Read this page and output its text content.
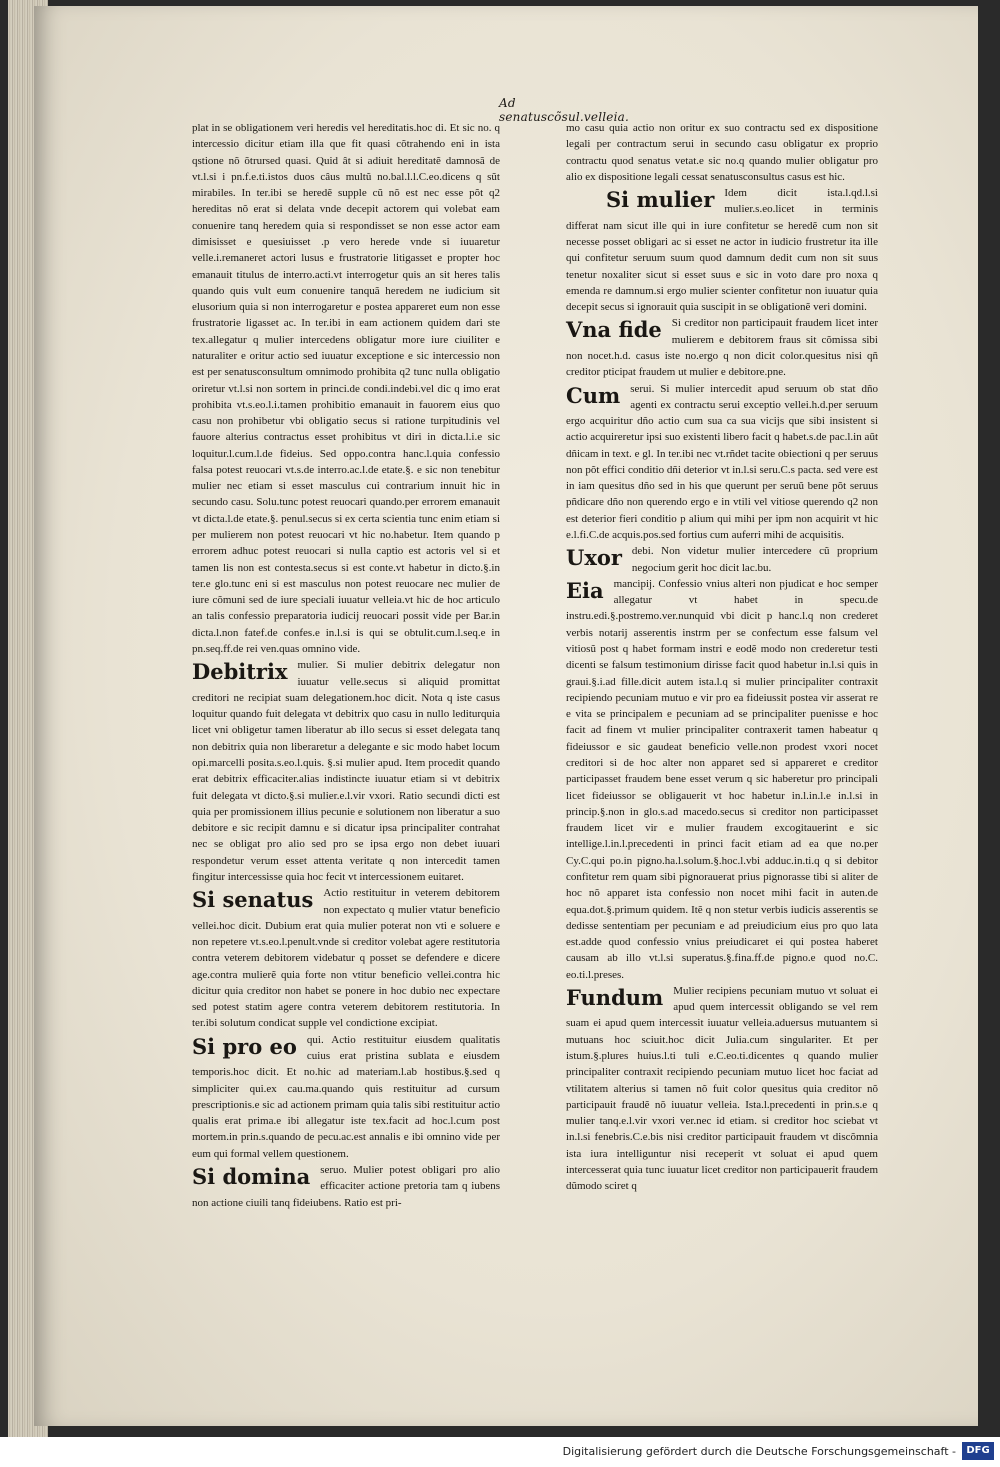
Ad senatuscõsul.velleia.

plat in se obligationem veri heredis vel hereditatis.hoc di. Et sic no. q intercessio dicitur etiam illa que fit quasi cõtrahendo eni in ista qstione nõ õtrursed quasi. Quid ât si adiuit hereditatẽ damnosã de vt.l.si i pn.f.e.ti.istos duos câus multũ no.bal.l.l.C.eo.dicens q sũt mirabiles. In ter.ibi se heredẽ supple cũ nõ est nec esse põt q2 hereditas nõ erat si delata vnde decepit actorem qui volebat eam conuenire tanq heredem quia si respondisset se non esse actor eam dimisisset e quesiuisset .p vero herede vnde si iuuaretur velle.i.remaneret actori lusus e frustratorie litigasset e propter hoc emanauit titulus de interro.acti.vt interrogetur quis an sit heres talis quando quis vult eum conuenire tanquã heredem ne iudicium sit elusorium quia si non interrogaretur e postea appareret eum non esse frustratorie ligasset ac. In ter.ibi in eam actionem quidem dari ste tex.allegatur q mulier intercedens obligatur more iure ciuiliter e naturaliter e oritur actio sed iuuatur exceptione e sic intercessio non est per senatusconsultum omnimodo prohibita q2 tunc nulla obligatio oriretur vt.l.si non sortem in princi.de condi.indebi.vel dic q imo erat prohibita vt.s.eo.l.i.tamen prohibitio emanauit in fauorem eius quo casu non prohibetur vbi obligatio secus si ratione turpitudinis vel fauore alterius contractus esset prohibitus vt diri in dicta.l.i.e sic loquitur.l.cum.l.de fideius. Sed oppo.contra hanc.l.quia confessio falsa potest reuocari vt.s.de interro.ac.l.de etate.§. e sic non tenebitur mulier nec etiam si esset masculus cui contrarium innuit hic in secundo casu. Solu.tunc potest reuocari quando.per errorem emanauit vt dicta.l.de etate.§. penul.secus si ex certa scientia tunc enim etiam si per mulierem non potest reuocari vt hic no.habetur. Item quando p errorem adhuc potest reuocari si nulla captio est actoris vel si et tamen lis non est contesta.secus si est conte.vt habetur in dicto.§.in ter.e glo.tunc eni si est masculus non potest reuocare nec mulier de iure cõmuni sed de iure speciali iuuatur velleia.vt hic de hoc articulo an talis confessio preparatoria iudicij reuocari possit vide per Bar.in dicta.l.non fatef.de confes.e in.l.si is qui se obtulit.cum.l.seq.e in pn.seq.ff.de rei ven.quas omnino vide.

Debitrix mulier. Si mulier debitrix delegatur non iuuatur velle.secus si aliquid promittat creditori ne recipiat suam delegationem.hoc dicit. Nota q iste casus loquitur quando fuit delegata vt debitrix quo casu in nullo lediturquia licet vni obligetur tamen liberatur ab illo secus si esset delegata tanq non debitrix quia non liberaretur a delegante e sic modo habet locum opi.marcelli posita.s.eo.l.quis. §.si mulier apud. Item procedit quando erat debitrix efficaciter.alias indistincte iuuatur etiam si vt debitrix fuit delegata vt dicto.§.si mulier.e.l.vir vxori. Ratio secundi dicti est quia per promissionem illius pecunie e solutionem non liberatur a suo debitore e sic recipit damnu e si dicatur ipsa principaliter contrahat nec se obligat pro alio sed pro se ipsa ergo non debet iuuari respondetur verum esset attenta veritate q non intercedit tamen fingitur intercessisse quia hoc fecit vt intercessionem euitaret.
Si senatus Actio restituitur in veterem debitorem non expectato q mulier vtatur beneficio vellei.hoc dicit. Dubium erat quia mulier poterat non vti e soluere e non repetere vt.s.eo.l.penult.vnde si creditor volebat agere restitutoria contra veterem debitorem videbatur q posset se defendere e dicere age.contra mulierẽ quia forte non vtitur beneficio vellei.contra hic dicitur quia creditor non habet se ponere in hoc dubio nec expectare sed potest statim agere contra veterem debitorem restitutoria. In ter.ibi solutum condicat supple vel condictione excipiat.
Si pro eo qui. Actio restituitur eiusdem qualitatis cuius erat pristina sublata e eiusdem temporis.hoc dicit. Et no.hic ad materiam.l.ab hostibus.§.sed q simpliciter qui.ex cau.ma.quando quis restituitur ad cursum prescriptionis.e sic ad actionem primam quia talis sibi restituitur actio qualis erat prima.e ibi allegatur iste tex.facit ad hoc.l.cum post mortem.in prin.s.quando de pecu.ac.est annalis e ibi omnino vide per eum qui formal vellem questionem.
Si domina seruo. Mulier potest obligari pro alio efficaciter actione pretoria tam q iubens non actione ciuili tanq fideiubens. Ratio est pri-

mo casu quia actio non oritur ex suo contractu sed ex dispositione legali per contractum serui in secundo casu obligatur ex proprio contractu quod senatus vetat.e sic no.q quando mulier obligatur pro alio ex dispositione legali cessat senatusconsultus casus est hic.

Si mulier Idem dicit ista.l.qd.l.si mulier.s.eo.licet in terminis differat nam sicut ille qui in iure confitetur se heredẽ cum non sit necesse posset obligari ac si esset ne actor in iudicio frustretur ita ille qui confitetur seruum suum quod damnum dedit cum non sit suus tenetur noxaliter sicut si esset suus e sic in voto dare pro noxa q emenda re damnum.si ergo mulier scienter confitetur non iuuatur quia decepit secus si ignorauit quia suscipit in se obligationẽ veri domini.
Vna fide Si creditor non participauit fraudem licet inter mulierem e debitorem fraus sit cõmissa sibi non nocet.h.d. casus iste no.ergo q non dicit color.quesitus nisi qñ creditor pticipat fraudem ut mulier e debitore.pne.
Cum serui. Si mulier intercedit apud seruum ob stat dño agenti ex contractu serui exceptio vellei.h.d.per seruum ergo acquiritur dño actio cum sua ca sua vicijs que sibi insistent si actio acquireretur ipsi suo existenti libero facit q habet.s.de pac.l.in aũt dñicam in text. e gl. In ter.ibi nec vt.rñdet tacite obiectioni q per seruus non põt effici conditio dñi deterior vt in.l.si seru.C.s pacta. sed vere est in iam quesitus dño sed in his que querunt per seruũ bene põt seruus pñdicare dño non querendo ergo e in vtili vel vitiose querendo q2 non est deterior fieri conditio p alium qui mihi per ipm non acquirit vt hic e.l.fi.C.de acquis.pos.sed fortius cum auferri mihi de acquisitis.
Uxor debi. Non videtur mulier intercedere cũ proprium negocium gerit hoc dicit lac.bu.
Eia mancipij. Confessio vnius alteri non pjudicat e hoc semper allegatur vt habet in specu.de instru.edi.§.postremo.ver.nunquid vbi dicit p hanc.l.q non crederet verbis notarij asserentis instrm per se confectum esse falsum vel vitiosũ post q habet formam instri e eodẽ modo non crederetur testi dicenti se falsum testimonium dirisse facit quod habetur in.l.si quis in graui.§.i.ad fille.dicit autem ista.l.q si mulier principaliter contraxit recipiendo pecuniam mutuo e vir pro ea fideiussit postea vir asserat re e vita se principalem e pecuniam ad se principaliter puenisse e hoc facit ad finem vt mulier principaliter contraxerit tamen habeatur q fideiussor e sic gaudeat beneficio velle.non prodest vxori nocet creditori si de hoc alter non apparet sed si appareret e creditor participasset fraudem bene esset verum q sic haberetur pro principali licet fideiussor se obligauerit vt hoc habetur in.l.in.l.e in.l.si in princip.§.non in glo.s.ad macedo.secus si creditor non participasset fraudem licet vir e mulier fraudem excogitauerint e sic intellige.l.in.l.precedenti in princi facit etiam ad ea que no.per Cy.C.qui po.in pigno.ha.l.solum.§.hoc.l.vbi adduc.in.ti.q q si debitor confitetur rem quam sibi pignorauerat prius pignorasse tibi si aliter de hoc nõ apparet ista confessio non nocet mihi facit in auten.de equa.dot.§.primum quidem. Itẽ q non stetur verbis iudicis asserentis se dedisse sententiam per pecuniam e ad preiudicium eius pro quo lata est.adde quod confessio vnius preiudicaret ei qui postea haberet causam ab illo vt.l.si superatus.§.fina.ff.de pigno.e quod no.C. eo.ti.l.preses.
Fundum Mulier recipiens pecuniam mutuo vt soluat ei apud quem intercessit obligando se vel rem suam ei apud quem intercessit iuuatur velleia.aduersus mutuantem si mutuans hoc sciuit.hoc dicit Julia.cum singulariter. Et per istum.§.plures huius.l.ti tuli e.C.eo.ti.dicentes q quando mulier principaliter contraxit recipiendo pecuniam mutuo licet hoc faciat ad vtilitatem alterius si tamen nõ fuit color quesitus quia creditor nõ participauit fraudẽ nõ iuuatur velleia. Ista.l.precedenti in prin.s.e q mulier tanq.e.l.vir vxori ver.nec id etiam. si creditor hoc sciebat vt in.l.si fenebris.C.e.bis nisi creditor participauit fraudem vt discõmnia ista iura intelliguntur nisi receperit vt soluat ei apud quem intercesserat quia tunc iuuatur licet creditor non participauerit fraudem dũmodo sciret q
Digitalisierung gefördert durch die Deutsche Forschungsgemeinschaft -	DFG
